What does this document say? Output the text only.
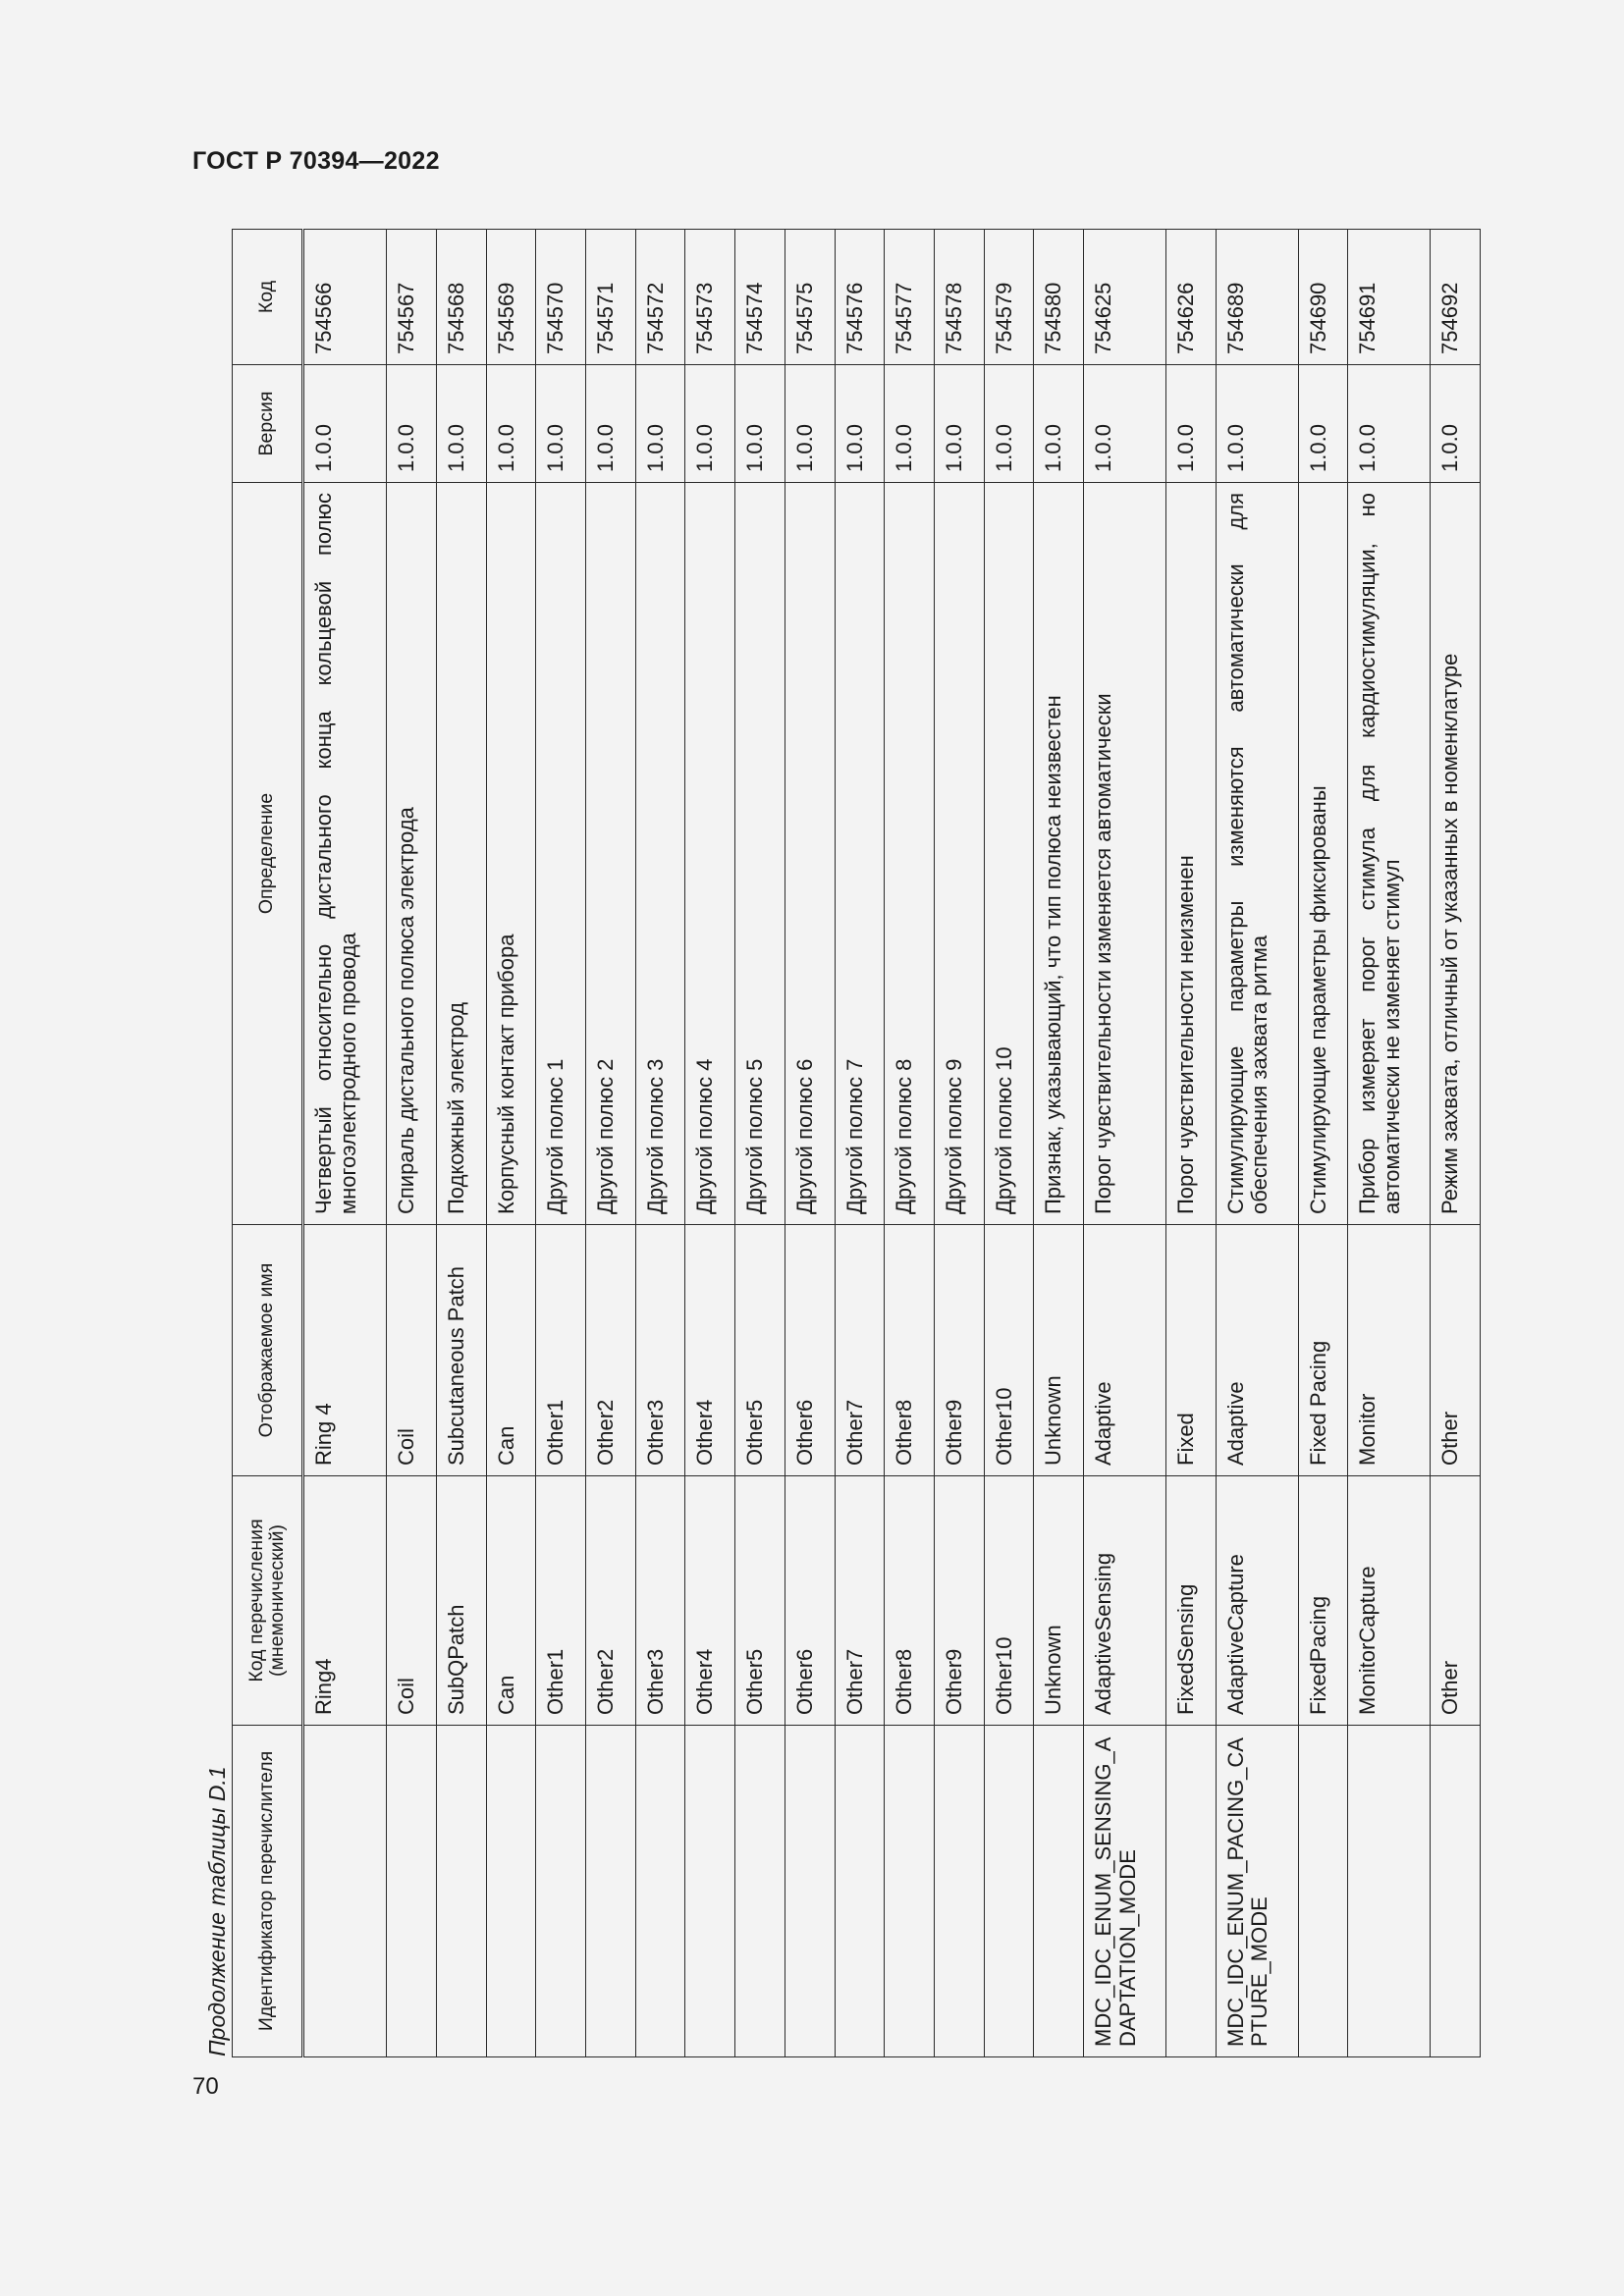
ГОСТ Р 70394—2022
Продолжение таблицы D.1
70
Идентификатор перечислителя	Код перечисления (мнемонический)	Отображаемое имя	Определение	Версия	Код
	Ring4	Ring 4	Четвертый относительно дистального конца кольцевой полюс многоэлектродного провода	1.0.0	754566
	Coil	Coil	Спираль дистального полюса электрода	1.0.0	754567
	SubQPatch	Subcutaneous Patch	Подкожный электрод	1.0.0	754568
	Can	Can	Корпусный контакт прибора	1.0.0	754569
	Other1	Other1	Другой полюс 1	1.0.0	754570
	Other2	Other2	Другой полюс 2	1.0.0	754571
	Other3	Other3	Другой полюс 3	1.0.0	754572
	Other4	Other4	Другой полюс 4	1.0.0	754573
	Other5	Other5	Другой полюс 5	1.0.0	754574
	Other6	Other6	Другой полюс 6	1.0.0	754575
	Other7	Other7	Другой полюс 7	1.0.0	754576
	Other8	Other8	Другой полюс 8	1.0.0	754577
	Other9	Other9	Другой полюс 9	1.0.0	754578
	Other10	Other10	Другой полюс 10	1.0.0	754579
	Unknown	Unknown	Признак, указывающий, что тип полюса неизвестен	1.0.0	754580
MDC_IDC_ENUM_SENSING_ADAPTATION_MODE	AdaptiveSensing	Adaptive	Порог чувствительности изменяется автоматически	1.0.0	754625
	FixedSensing	Fixed	Порог чувствительности неизменен	1.0.0	754626
MDC_IDC_ENUM_PACING_CAPTURE_MODE	AdaptiveCapture	Adaptive	Стимулирующие параметры изменяются автоматически для обеспечения захвата ритма	1.0.0	754689
	FixedPacing	Fixed Pacing	Стимулирующие параметры фиксированы	1.0.0	754690
	MonitorCapture	Monitor	Прибор измеряет порог стимула для кардиостимуляции, но автоматически не изменяет стимул	1.0.0	754691
	Other	Other	Режим захвата, отличный от указанных в номенклатуре	1.0.0	754692
